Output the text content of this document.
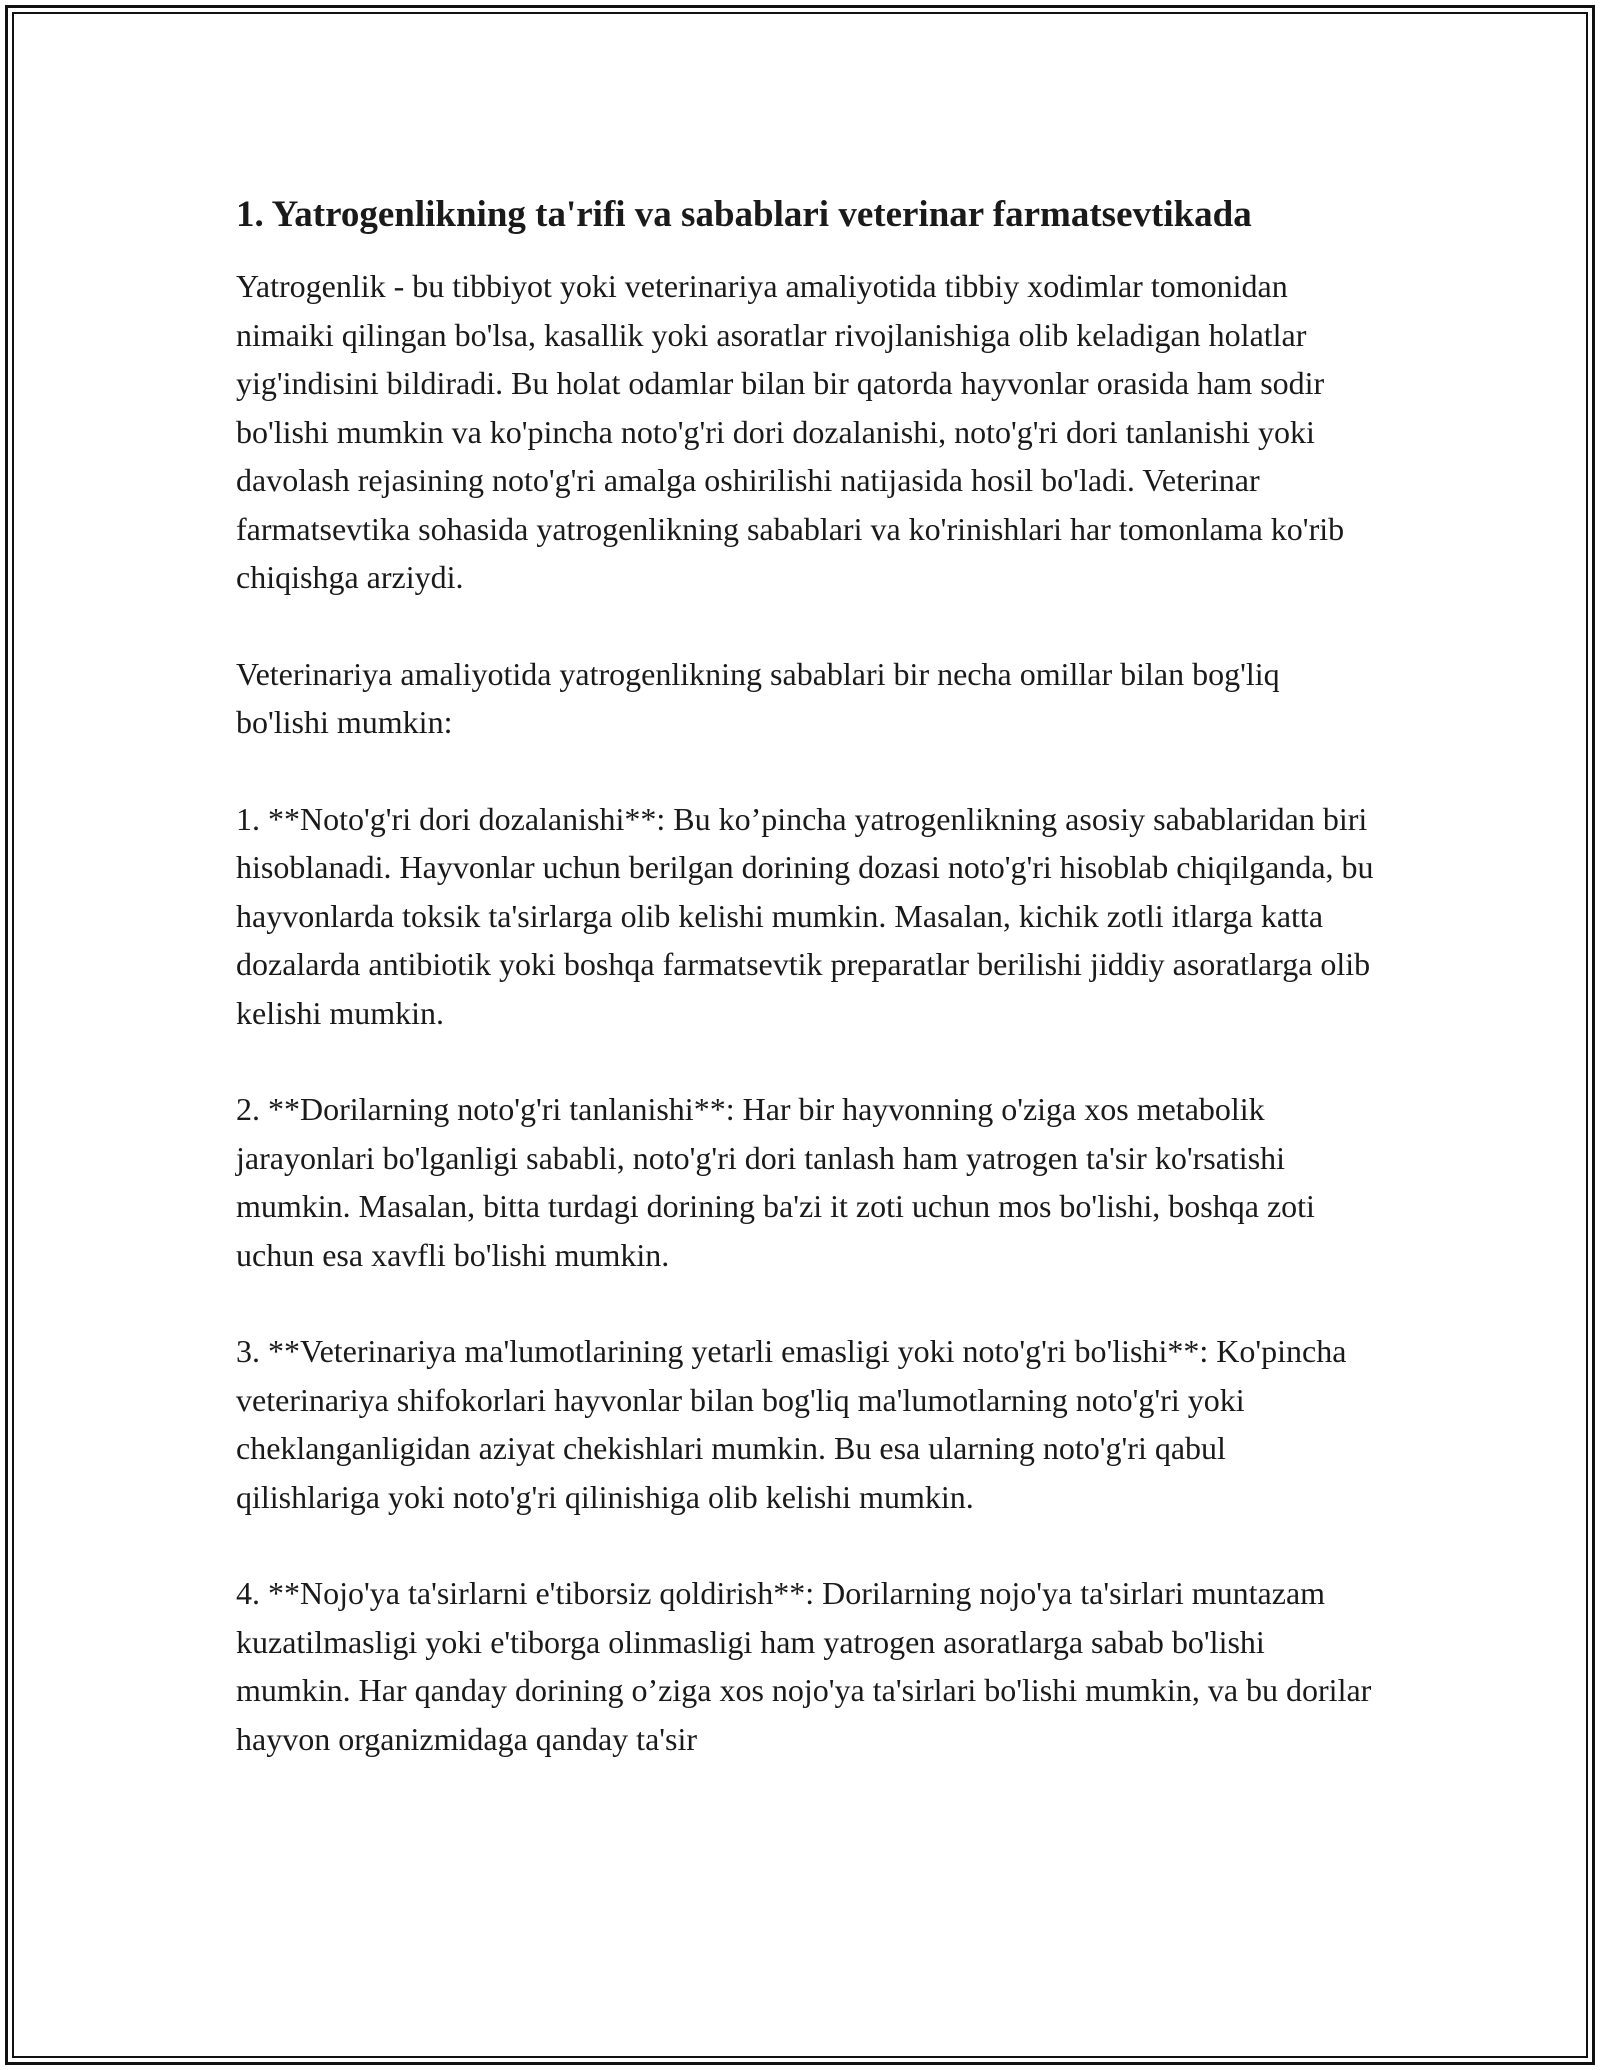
1. Yatrogenlikning ta'rifi va sabablari veterinar farmatsevtikada

Yatrogenlik - bu tibbiyot yoki veterinariya amaliyotida tibbiy xodimlar tomonidan nimaiki qilingan bo'lsa, kasallik yoki asoratlar rivojlanishiga olib keladigan holatlar yig'indisini bildiradi. Bu holat odamlar bilan bir qatorda hayvonlar orasida ham sodir bo'lishi mumkin va ko'pincha noto'g'ri dori dozalanishi, noto'g'ri dori tanlanishi yoki davolash rejasining noto'g'ri amalga oshirilishi natijasida hosil bo'ladi. Veterinar farmatsevtika sohasida yatrogenlikning sabablari va ko'rinishlari har tomonlama ko'rib chiqishga arziydi.

Veterinariya amaliyotida yatrogenlikning sabablari bir necha omillar bilan bog'liq bo'lishi mumkin:

1. **Noto'g'ri dori dozalanishi**: Bu ko’pincha yatrogenlikning asosiy sabablaridan biri hisoblanadi. Hayvonlar uchun berilgan dorining dozasi noto'g'ri hisoblab chiqilganda, bu hayvonlarda toksik ta'sirlarga olib kelishi mumkin. Masalan, kichik zotli itlarga katta dozalarda antibiotik yoki boshqa farmatsevtik preparatlar berilishi jiddiy asoratlarga olib kelishi mumkin.

2. **Dorilarning noto'g'ri tanlanishi**: Har bir hayvonning o'ziga xos metabolik jarayonlari bo'lganligi sababli, noto'g'ri dori tanlash ham yatrogen ta'sir ko'rsatishi mumkin. Masalan, bitta turdagi dorining ba'zi it zoti uchun mos bo'lishi, boshqa zoti uchun esa xavfli bo'lishi mumkin.

3. **Veterinariya ma'lumotlarining yetarli emasligi yoki noto'g'ri bo'lishi**: Ko'pincha veterinariya shifokorlari hayvonlar bilan bog'liq ma'lumotlarning noto'g'ri yoki cheklanganligidan aziyat chekishlari mumkin. Bu esa ularning noto'g'ri qabul qilishlariga yoki noto'g'ri qilinishiga olib kelishi mumkin.

4. **Nojo'ya ta'sirlarni e'tiborsiz qoldirish**: Dorilarning nojo'ya ta'sirlari muntazam kuzatilmasligi yoki e'tiborga olinmasligi ham yatrogen asoratlarga sabab bo'lishi mumkin. Har qanday dorining o’ziga xos nojo'ya ta'sirlari bo'lishi mumkin, va bu dorilar hayvon organizmidaga qanday ta'sir
